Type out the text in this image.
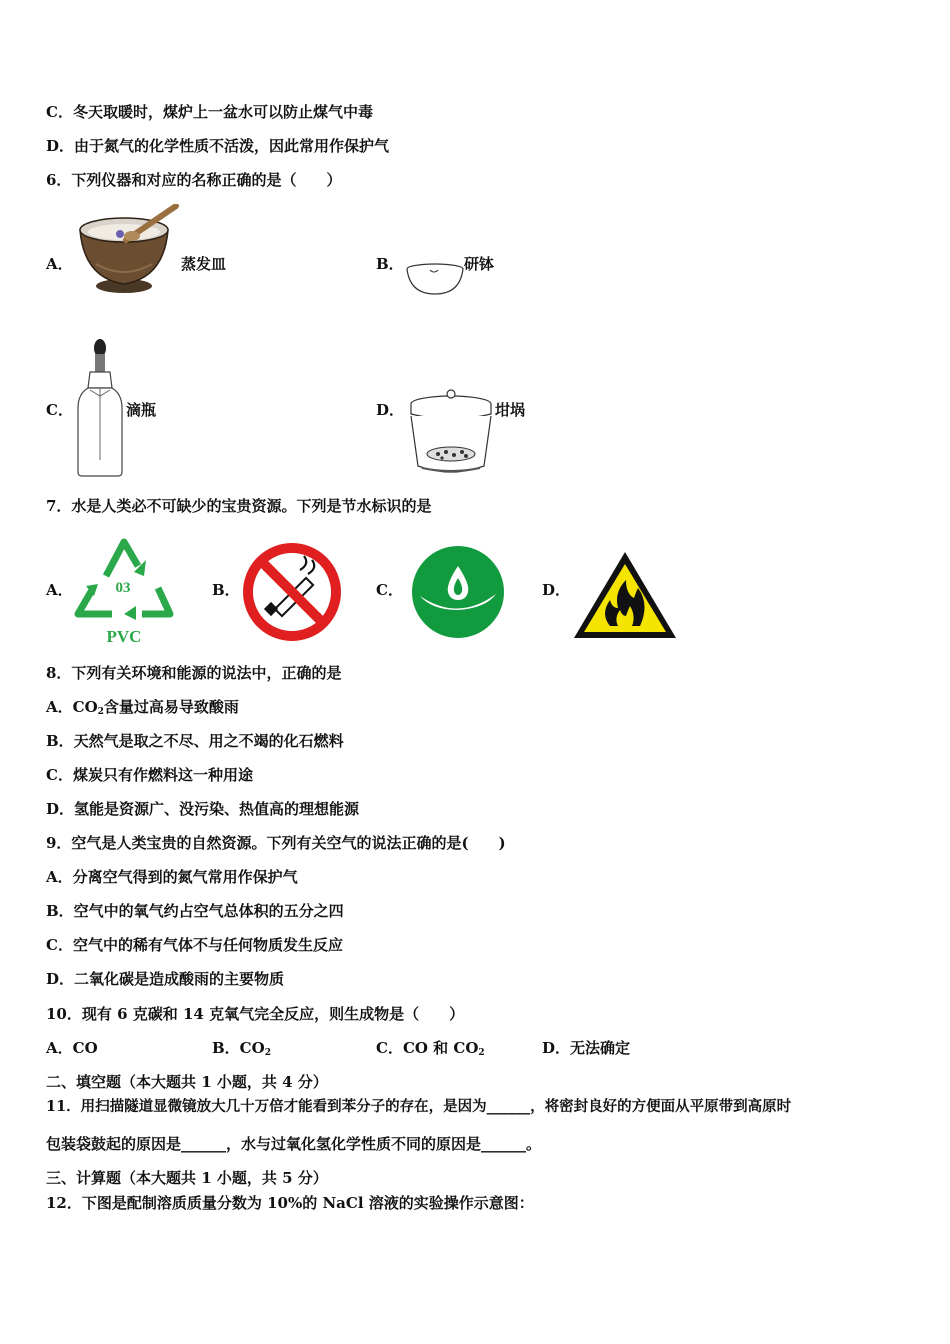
C．冬天取暖时，煤炉上一盆水可以防止煤气中毒
D．由于氮气的化学性质不活泼，因此常用作保护气
6．下列仪器和对应的名称正确的是（　　）
A．	蒸发皿	B．	研钵
C．	滴瓶	D．	坩埚
7．水是人类必不可缺少的宝贵资源。下列是节水标识的是
A．	03
PVC
B．	C．	D．
8．下列有关环境和能源的说法中，正确的是
A．$CO_2$含量过高易导致酸雨
B．天然气是取之不尽、用之不竭的化石燃料
C．煤炭只有作燃料这一种用途
D．氢能是资源广、没污染、热值高的理想能源
9．空气是人类宝贵的自然资源。下列有关空气的说法正确的是(　　)
A．分离空气得到的氮气常用作保护气
B．空气中的氧气约占空气总体积的五分之四
C．空气中的稀有气体不与任何物质发生反应
D．二氧化碳是造成酸雨的主要物质
10．现有 6 克碳和 14 克氧气完全反应，则生成物是（　　）
A．CO	B．$CO_2$	C．CO 和 $CO_2$	D．无法确定
二、填空题（本大题共 1 小题，共 4 分）
11．用扫描隧道显微镜放大几十万倍才能看到苯分子的存在，是因为______，将密封良好的方便面从平原带到高原时
包装袋鼓起的原因是______，水与过氧化氢化学性质不同的原因是______。
三、计算题（本大题共 1 小题，共 5 分）
12．下图是配制溶质质量分数为 10%的 NaCl 溶液的实验操作示意图：
